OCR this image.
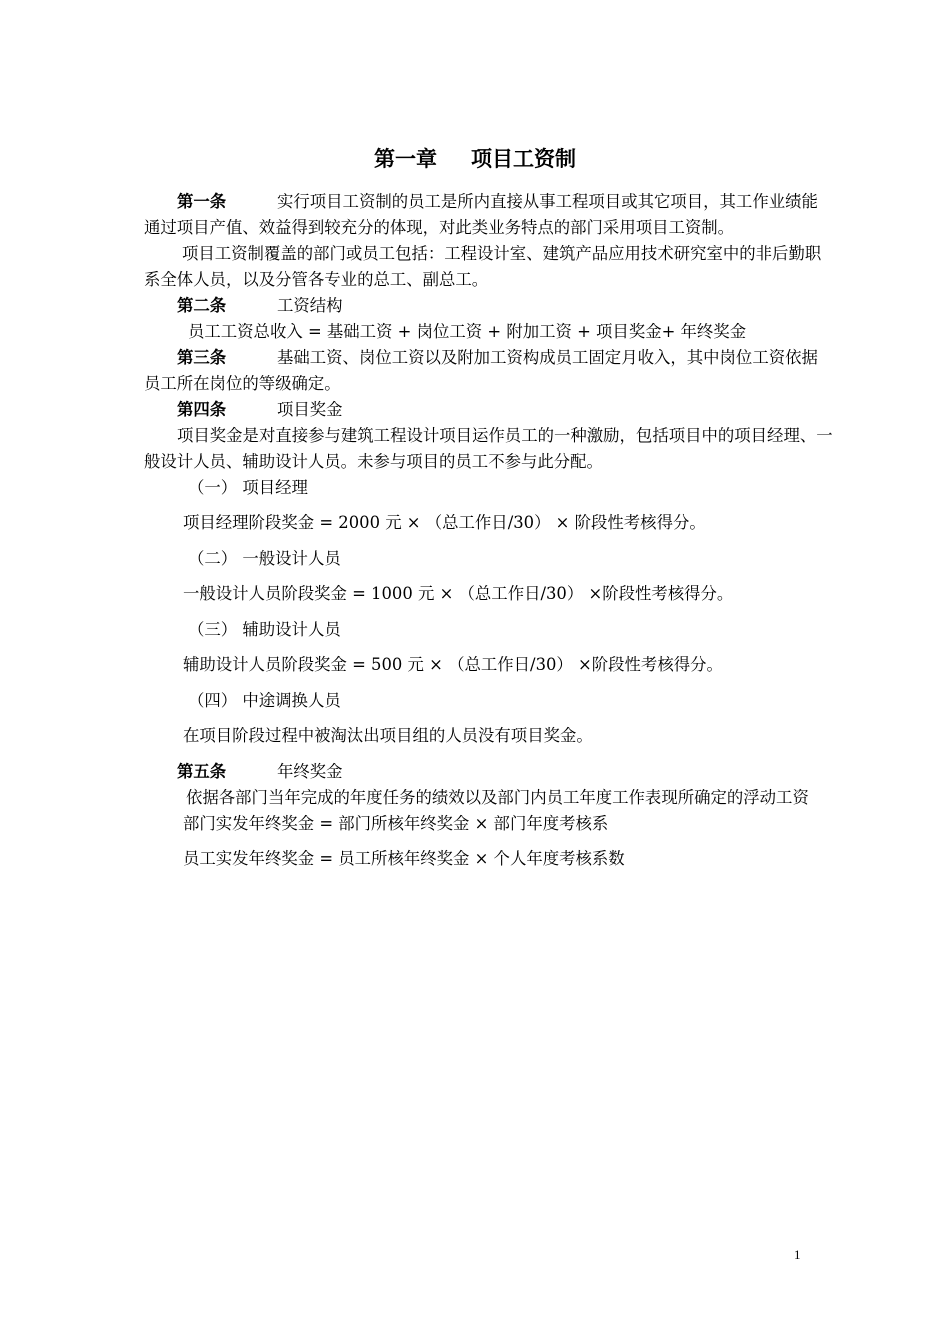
第一章 项目工资制

第一条	实行项目工资制的员工是所内直接从事工程项目或其它项目，其工作业绩能通过项目产值、效益得到较充分的体现，对此类业务特点的部门采用项目工资制。

项目工资制覆盖的部门或员工包括：工程设计室、建筑产品应用技术研究室中的非后勤职系全体人员，以及分管各专业的总工、副总工。

第二条	工资结构

员工工资总收入 = 基础工资 + 岗位工资 + 附加工资 + 项目奖金+ 年终奖金

第三条	基础工资、岗位工资以及附加工资构成员工固定月收入，其中岗位工资依据员工所在岗位的等级确定。

第四条	项目奖金

项目奖金是对直接参与建筑工程设计项目运作员工的一种激励，包括项目中的项目经理、一般设计人员、辅助设计人员。未参与项目的员工不参与此分配。

（一） 项目经理

项目经理阶段奖金 = 2000 元 × （总工作日/30） × 阶段性考核得分。

（二） 一般设计人员

一般设计人员阶段奖金 = 1000 元 × （总工作日/30） ×阶段性考核得分。

（三） 辅助设计人员

辅助设计人员阶段奖金 = 500 元 × （总工作日/30） ×阶段性考核得分。

（四） 中途调换人员

在项目阶段过程中被淘汰出项目组的人员没有项目奖金。

第五条	年终奖金

依据各部门当年完成的年度任务的绩效以及部门内员工年度工作表现所确定的浮动工资

部门实发年终奖金 = 部门所核年终奖金 × 部门年度考核系

员工实发年终奖金 = 员工所核年终奖金 × 个人年度考核系数

1
